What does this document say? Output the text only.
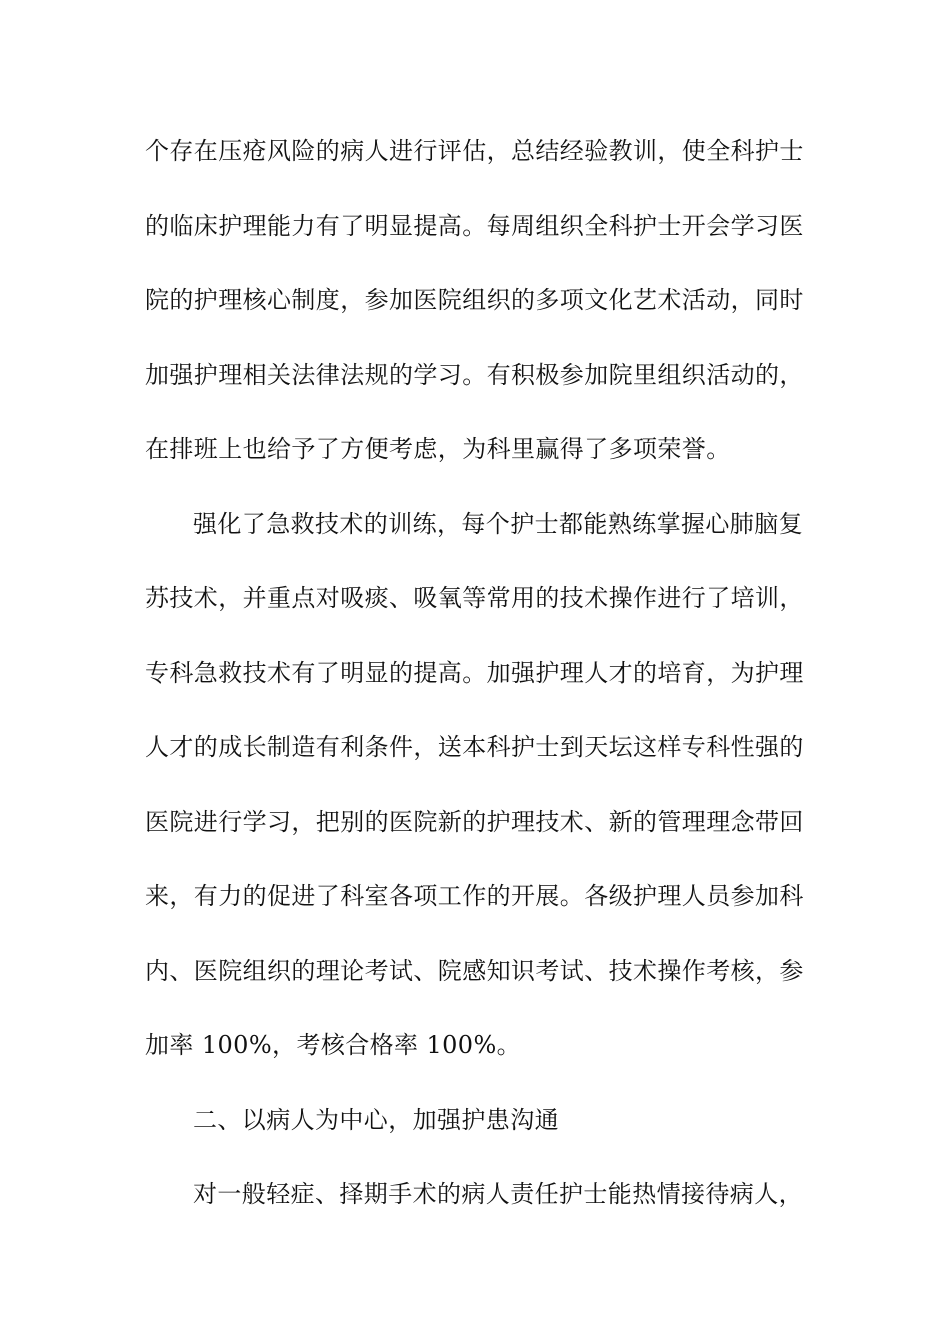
个存在压疮风险的病人进行评估，总结经验教训，使全科护士
的临床护理能力有了明显提高。每周组织全科护士开会学习医
院的护理核心制度，参加医院组织的多项文化艺术活动，同时
加强护理相关法律法规的学习。有积极参加院里组织活动的，
在排班上也给予了方便考虑，为科里赢得了多项荣誉。
强化了急救技术的训练，每个护士都能熟练掌握心肺脑复
苏技术，并重点对吸痰、吸氧等常用的技术操作进行了培训，
专科急救技术有了明显的提高。加强护理人才的培育，为护理
人才的成长制造有利条件，送本科护士到天坛这样专科性强的
医院进行学习，把别的医院新的护理技术、新的管理理念带回
来，有力的促进了科室各项工作的开展。各级护理人员参加科
内、医院组织的理论考试、院感知识考试、技术操作考核，参
加率 100%，考核合格率 100%。
二、以病人为中心，加强护患沟通
对一般轻症、择期手术的病人责任护士能热情接待病人，
